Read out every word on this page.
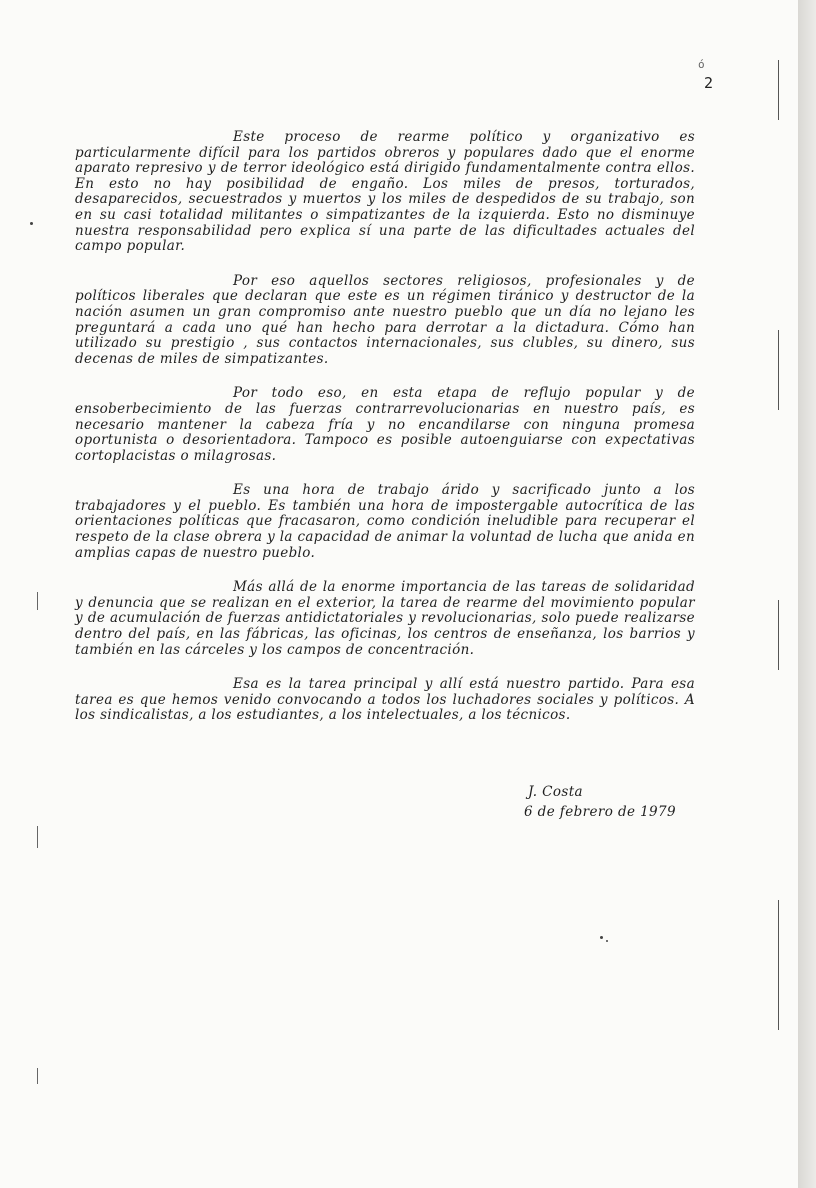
ó
2

Este proceso de rearme político y organizativo es particularmente difícil para los partidos obreros y populares dado que el enorme aparato represivo y de terror ideológico está dirigido fundamentalmente contra ellos. En esto no hay posibilidad de engaño. Los miles de presos, torturados, desaparecidos, secuestrados y muertos y los miles de despedidos de su trabajo, son en su casi totalidad militantes o simpatizantes de la izquierda. Esto no disminuye nuestra responsabilidad pero explica sí una parte de las dificultades actuales del campo popular.

Por eso aquellos sectores religiosos, profesionales y de políticos liberales que declaran que este es un régimen tiránico y destructor de la nación asumen un gran compromiso ante nuestro pueblo que un día no lejano les preguntará a cada uno qué han hecho para derrotar a la dictadura. Cómo han utilizado su prestigio , sus contactos internacionales, sus clubles, su dinero, sus decenas de miles de simpatizantes.

Por todo eso, en esta etapa de reflujo popular y de ensoberbecimiento de las fuerzas contrarrevolucionarias en nuestro país, es necesario mantener la cabeza fría y no encandilarse con ninguna promesa oportunista o desorientadora. Tampoco es posible autoenguiarse con expectativas cortoplacistas o milagrosas.

Es una hora de trabajo árido y sacrificado junto a los trabajadores y el pueblo. Es también una hora de impostergable autocrítica de las orientaciones políticas que fracasaron, como condición ineludible para recuperar el respeto de la clase obrera y la capacidad de animar la voluntad de lucha que anida en amplias capas de nuestro pueblo.

Más allá de la enorme importancia de las tareas de solidaridad y denuncia que se realizan en el exterior, la tarea de rearme del movimiento popular y de acumulación de fuerzas antidictatoriales y revolucionarias, solo puede realizarse dentro del país, en las fábricas, las oficinas, los centros de enseñanza, los barrios y también en las cárceles y los campos de concentración.

Esa es la tarea principal y allí está nuestro partido. Para esa tarea es que hemos venido convocando a todos los luchadores sociales y políticos. A los sindicalistas, a los estudiantes, a los intelectuales, a los técnicos.

J. Costa
6 de febrero de 1979
